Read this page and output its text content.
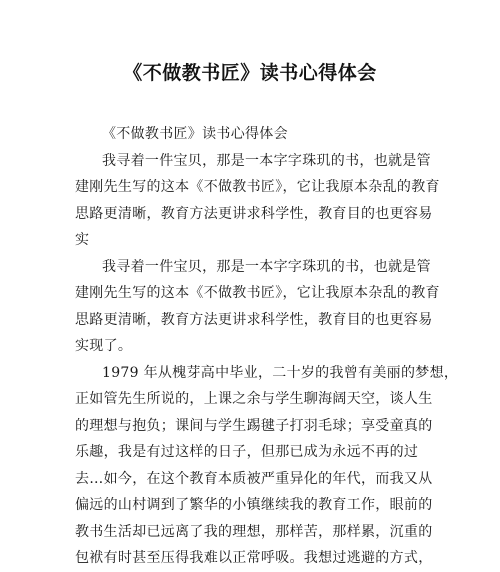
《不做教书匠》读书心得体会
《不做教书匠》读书心得体会
我寻着一件宝贝，那是一本字字珠玑的书，也就是管
建刚先生写的这本《不做教书匠》，它让我原本杂乱的教育
思路更清晰，教育方法更讲求科学性，教育目的也更容易
实
我寻着一件宝贝，那是一本字字珠玑的书，也就是管
建刚先生写的这本《不做教书匠》，它让我原本杂乱的教育
思路更清晰，教育方法更讲求科学性，教育目的也更容易
实现了。
1979 年从槐芽高中毕业，二十岁的我曾有美丽的梦想，
正如管先生所说的，上课之余与学生聊海阔天空，谈人生
的理想与抱负；课间与学生踢毽子打羽毛球；享受童真的
乐趣，我是有过这样的日子，但那已成为永远不再的过
去…如今，在这个教育本质被严重异化的年代，而我又从
偏远的山村调到了繁华的小镇继续我的教育工作，眼前的
教书生活却已远离了我的理想，那样苦，那样累，沉重的
包袱有时甚至压得我难以正常呼吸。我想过逃避的方式，
